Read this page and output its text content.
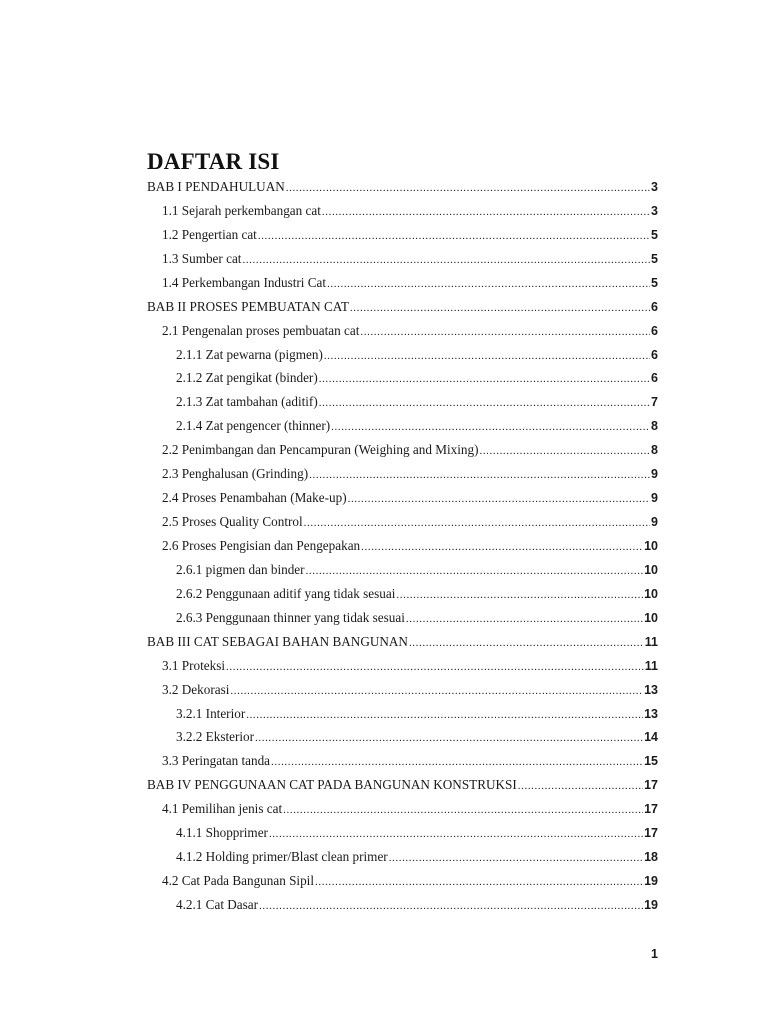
DAFTAR ISI
BAB I PENDAHULUAN .....	3
1.1 Sejarah perkembangan cat .....	3
1.2 Pengertian cat .....	5
1.3 Sumber cat .....	5
1.4 Perkembangan Industri Cat .....	5
BAB II PROSES PEMBUATAN CAT .....	6
2.1 Pengenalan proses pembuatan cat .....	6
2.1.1 Zat pewarna (pigmen) .....	6
2.1.2 Zat pengikat (binder) .....	6
2.1.3 Zat tambahan (aditif) .....	7
2.1.4 Zat pengencer (thinner) .....	8
2.2 Penimbangan dan Pencampuran (Weighing and Mixing) .....	8
2.3 Penghalusan (Grinding) .....	9
2.4 Proses Penambahan (Make-up) .....	9
2.5 Proses Quality Control .....	9
2.6 Proses Pengisian dan Pengepakan .....	10
2.6.1 pigmen dan binder .....	10
2.6.2 Penggunaan aditif yang tidak sesuai .....	10
2.6.3 Penggunaan thinner yang tidak sesuai .....	10
BAB III CAT SEBAGAI BAHAN BANGUNAN .....	11
3.1 Proteksi .....	11
3.2 Dekorasi .....	13
3.2.1 Interior .....	13
3.2.2 Eksterior .....	14
3.3 Peringatan tanda .....	15
BAB IV PENGGUNAAN CAT PADA BANGUNAN KONSTRUKSI .....	17
4.1 Pemilihan jenis cat .....	17
4.1.1 Shopprimer .....	17
4.1.2 Holding primer/Blast clean primer .....	18
4.2 Cat Pada Bangunan Sipil .....	19
4.2.1 Cat Dasar .....	19
1
